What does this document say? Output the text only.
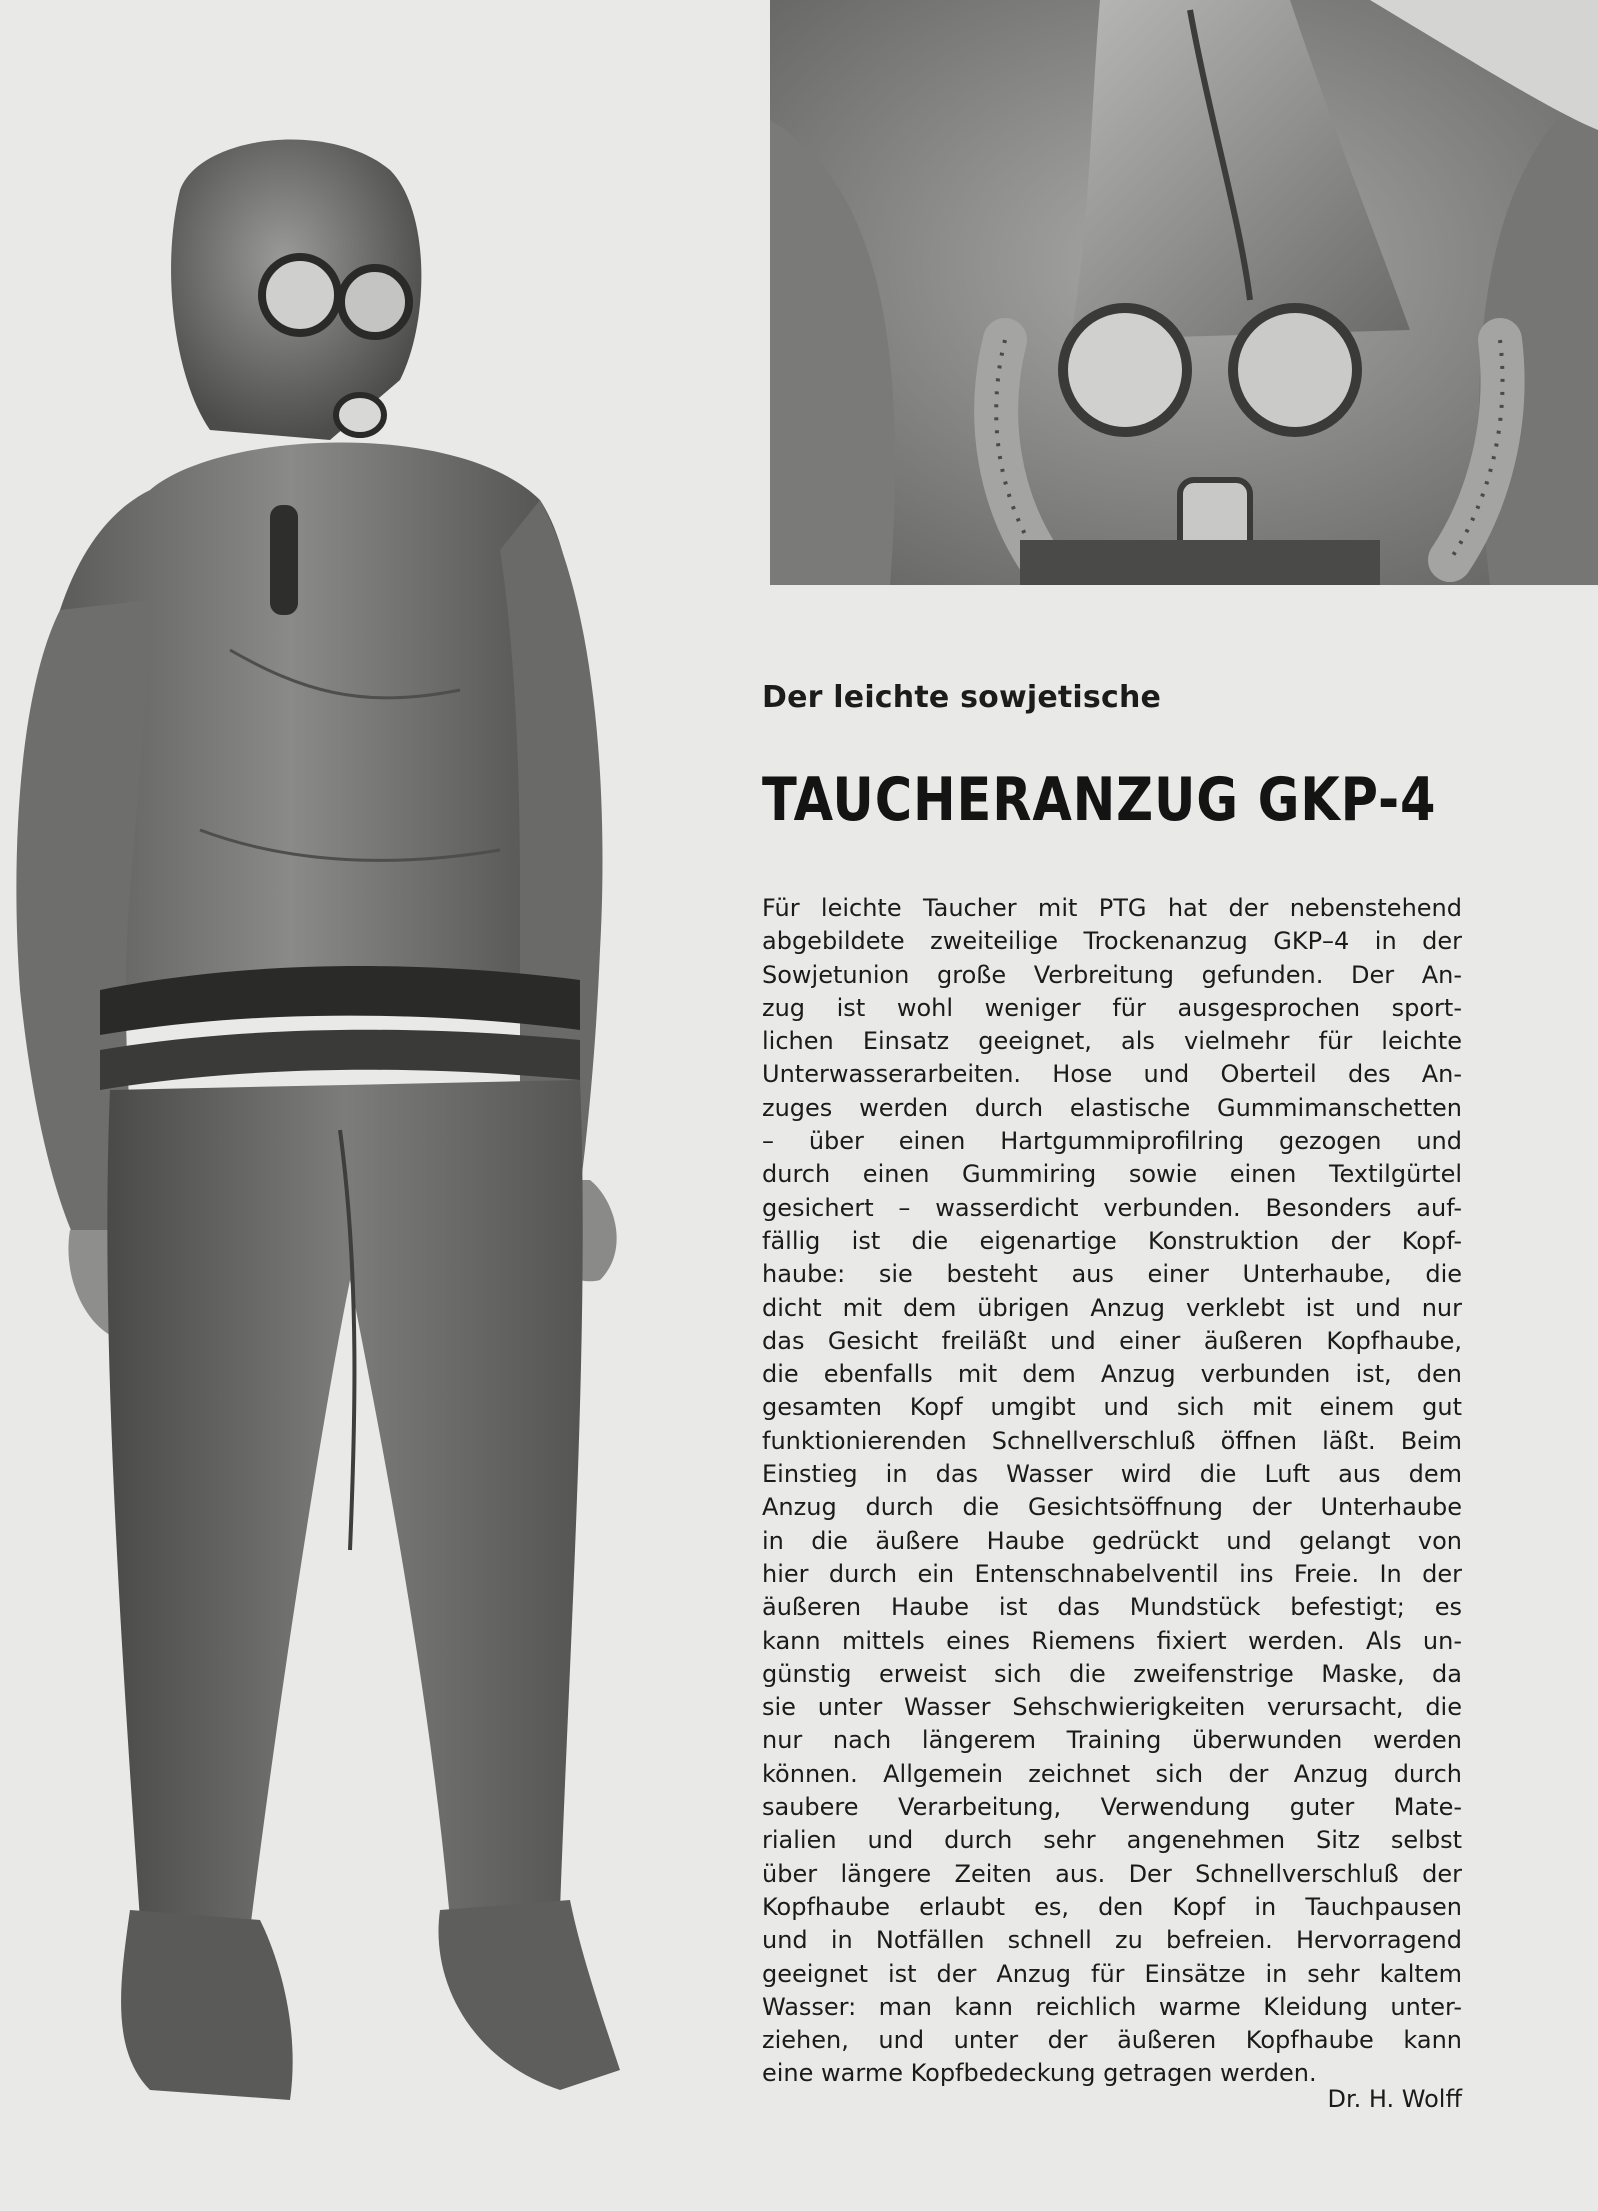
Der leichte sowjetische
TAUCHERANZUG GKP-4
Für leichte Taucher mit PTG hat der nebenstehend
abgebildete zweiteilige Trockenanzug GKP–4 in der
Sowjetunion große Verbreitung gefunden. Der An-
zug ist wohl weniger für ausgesprochen sport-
lichen Einsatz geeignet, als vielmehr für leichte
Unterwasserarbeiten. Hose und Oberteil des An-
zuges werden durch elastische Gummimanschetten
– über einen Hartgummiprofilring gezogen und
durch einen Gummiring sowie einen Textilgürtel
gesichert – wasserdicht verbunden. Besonders auf-
fällig ist die eigenartige Konstruktion der Kopf-
haube: sie besteht aus einer Unterhaube, die
dicht mit dem übrigen Anzug verklebt ist und nur
das Gesicht freiläßt und einer äußeren Kopfhaube,
die ebenfalls mit dem Anzug verbunden ist, den
gesamten Kopf umgibt und sich mit einem gut
funktionierenden Schnellverschluß öffnen läßt. Beim
Einstieg in das Wasser wird die Luft aus dem
Anzug durch die Gesichtsöffnung der Unterhaube
in die äußere Haube gedrückt und gelangt von
hier durch ein Entenschnabelventil ins Freie. In der
äußeren Haube ist das Mundstück befestigt; es
kann mittels eines Riemens fixiert werden. Als un-
günstig erweist sich die zweifenstrige Maske, da
sie unter Wasser Sehschwierigkeiten verursacht, die
nur nach längerem Training überwunden werden
können. Allgemein zeichnet sich der Anzug durch
saubere Verarbeitung, Verwendung guter Mate-
rialien und durch sehr angenehmen Sitz selbst
über längere Zeiten aus. Der Schnellverschluß der
Kopfhaube erlaubt es, den Kopf in Tauchpausen
und in Notfällen schnell zu befreien. Hervorragend
geeignet ist der Anzug für Einsätze in sehr kaltem
Wasser: man kann reichlich warme Kleidung unter-
ziehen, und unter der äußeren Kopfhaube kann
eine warme Kopfbedeckung getragen werden.
Dr. H. Wolff
